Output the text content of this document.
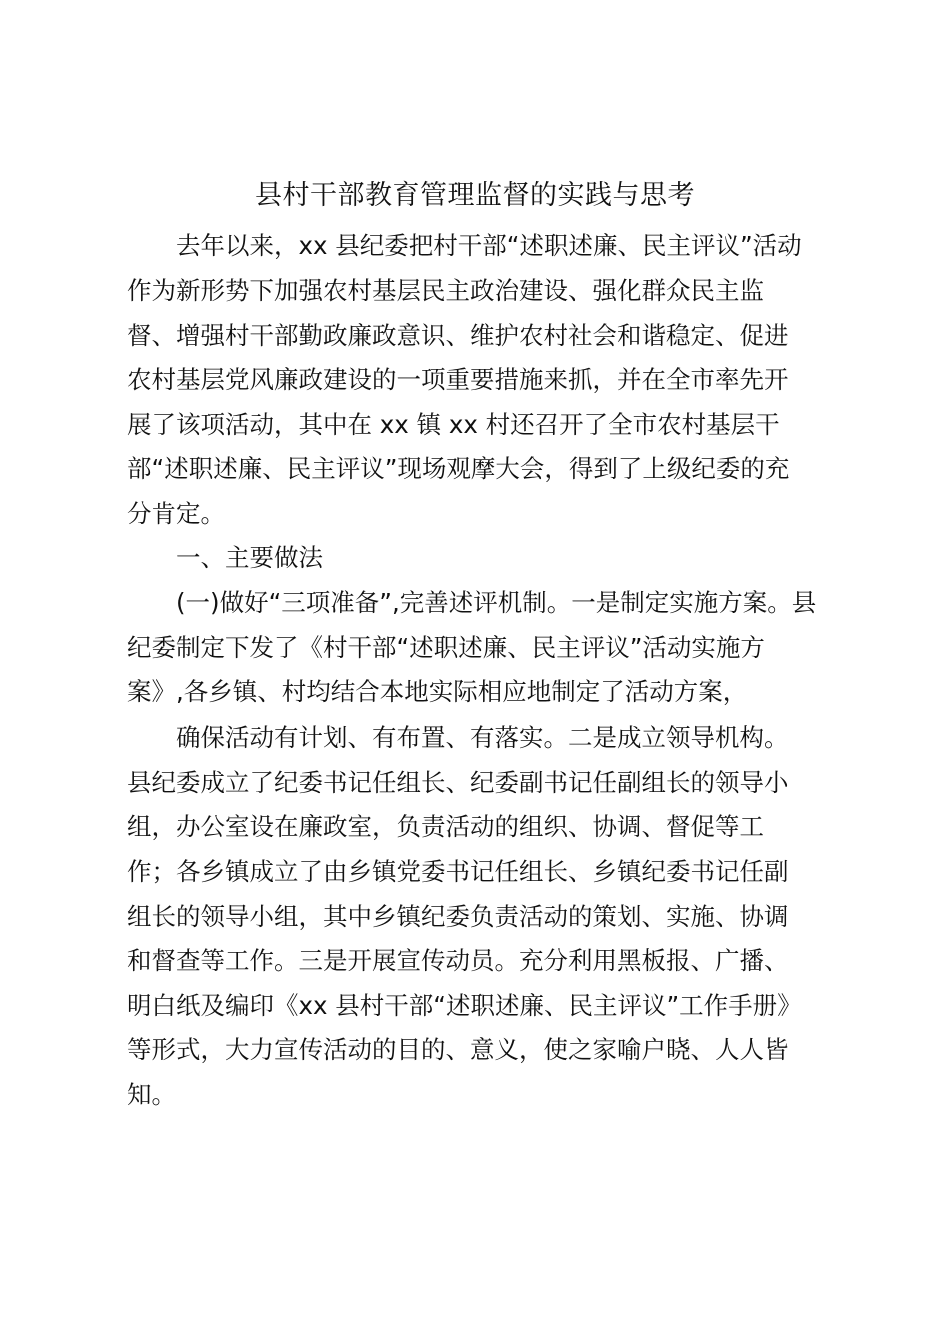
县村干部教育管理监督的实践与思考
去年以来，xx 县纪委把村干部“述职述廉、民主评议”活动
作为新形势下加强农村基层民主政治建设、强化群众民主监
督、增强村干部勤政廉政意识、维护农村社会和谐稳定、促进
农村基层党风廉政建设的一项重要措施来抓，并在全市率先开
展了该项活动，其中在 xx 镇 xx 村还召开了全市农村基层干
部“述职述廉、民主评议”现场观摩大会，得到了上级纪委的充
分肯定。
一、主要做法
(一)做好“三项准备”,完善述评机制。一是制定实施方案。县
纪委制定下发了《村干部“述职述廉、民主评议”活动实施方
案》,各乡镇、村均结合本地实际相应地制定了活动方案，
确保活动有计划、有布置、有落实。二是成立领导机构。
县纪委成立了纪委书记任组长、纪委副书记任副组长的领导小
组，办公室设在廉政室，负责活动的组织、协调、督促等工
作；各乡镇成立了由乡镇党委书记任组长、乡镇纪委书记任副
组长的领导小组，其中乡镇纪委负责活动的策划、实施、协调
和督查等工作。三是开展宣传动员。充分利用黑板报、广播、
明白纸及编印《xx 县村干部“述职述廉、民主评议”工作手册》
等形式，大力宣传活动的目的、意义，使之家喻户晓、人人皆
知。
